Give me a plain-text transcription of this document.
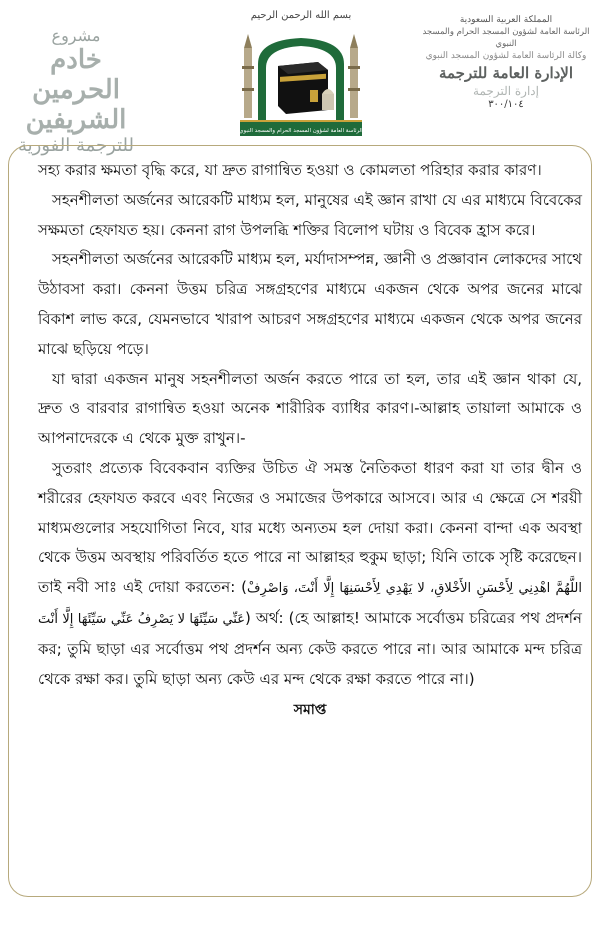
مشروع
خادم الحرمين الشريفين
للترجمة الفورية
بسم الله الرحمن الرحيم
الرئاسة العامة لشؤون المسجد الحرام والمسجد النبوي
المملكة العربية السعودية
الرئاسة العامة لشؤون المسجد الحرام والمسجد النبوي
وكالة الرئاسة العامة لشؤون المسجد النبوي
الإدارة العامة للترجمة
إدارة الترجمة
٣٠٠/١٠٤

সহ্য করার ক্ষমতা বৃদ্ধি করে, যা দ্রুত রাগান্বিত হওয়া ও কোমলতা পরিহার করার কারণ।

সহনশীলতা অর্জনের আরেকটি মাধ্যম হল, মানুষের এই জ্ঞান রাখা যে এর মাধ্যমে বিবেকের সক্ষমতা হেফাযত হয়। কেননা রাগ উপলব্ধি শক্তির বিলোপ ঘটায় ও বিবেক হ্রাস করে।

সহনশীলতা অর্জনের আরেকটি মাধ্যম হল, মর্যাদাসম্পন্ন, জ্ঞানী ও প্রজ্ঞাবান লোকদের সাথে উঠাবসা করা। কেননা উত্তম চরিত্র সঙ্গগ্রহণের মাধ্যমে একজন থেকে অপর জনের মাঝে বিকাশ লাভ করে, যেমনভাবে খারাপ আচরণ সঙ্গগ্রহণের মাধ্যমে একজন থেকে অপর জনের মাঝে ছড়িয়ে পড়ে।

যা দ্বারা একজন মানুষ সহনশীলতা অর্জন করতে পারে তা হল, তার এই জ্ঞান থাকা যে, দ্রুত ও বারবার রাগান্বিত হওয়া অনেক শারীরিক ব্যাধির কারণ।-আল্লাহ তায়ালা আমাকে ও আপনাদেরকে এ থেকে মুক্ত রাখুন।-

সুতরাং প্রত্যেক বিবেকবান ব্যক্তির উচিত ঐ সমস্ত নৈতিকতা ধারণ করা যা তার দ্বীন ও শরীরের হেফাযত করবে এবং নিজের ও সমাজের উপকারে আসবে। আর এ ক্ষেত্রে সে শরয়ী মাধ্যমগুলোর সহযোগিতা নিবে, যার মধ্যে অন্যতম হল দোয়া করা। কেননা বান্দা এক অবস্থা থেকে উত্তম অবস্থায় পরিবর্তিত হতে পারে না আল্লাহর হুকুম ছাড়া; যিনি তাকে সৃষ্টি করেছেন। তাই নবী সাঃ এই দোয়া করতেন: (اللَّهُمَّ اهْدِنِي لِأَحْسَنِ الأَخْلاقِ، لا يَهْدِي لِأَحْسَنِهَا إِلَّا أَنْتَ، وَاصْرِفْ عَنِّي سَيِّئَهَا لا يَصْرِفُ عَنِّي سَيِّئَهَا إِلَّا أَنْتَ) অর্থ: (হে আল্লাহ! আমাকে সর্বোত্তম চরিত্রের পথ প্রদর্শন কর; তুমি ছাড়া এর সর্বোত্তম পথ প্রদর্শন অন্য কেউ করতে পারে না। আর আমাকে মন্দ চরিত্র থেকে রক্ষা কর। তুমি ছাড়া অন্য কেউ এর মন্দ থেকে রক্ষা করতে পারে না।)

সমাপ্ত
